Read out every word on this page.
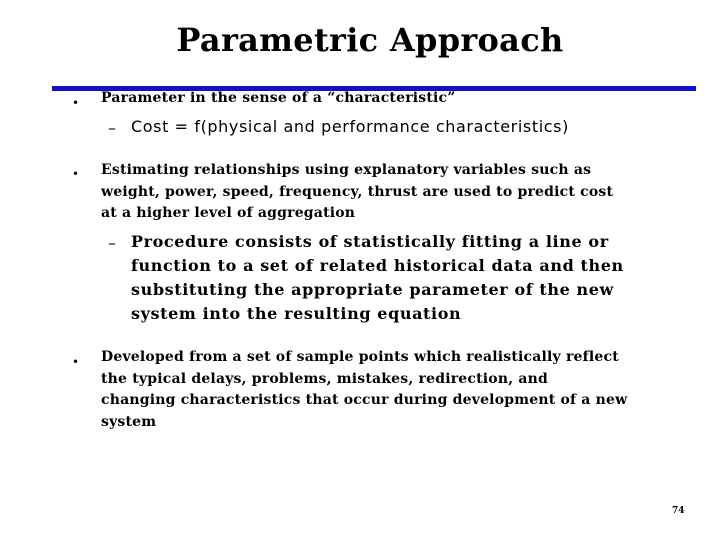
Parametric Approach
• Parameter in the sense of a “characteristic”
– Cost = f(physical and performance characteristics)
• Estimating relationships using explanatory variables such as
weight, power, speed, frequency, thrust are used to predict cost
at a higher level of aggregation
– Procedure consists of statistically fitting a line or
function to a set of related historical data and then
substituting the appropriate parameter of the new
system into the resulting equation
• Developed from a set of sample points which realistically reflect
the typical delays, problems, mistakes, redirection, and
changing characteristics that occur during development of a new
system
74
